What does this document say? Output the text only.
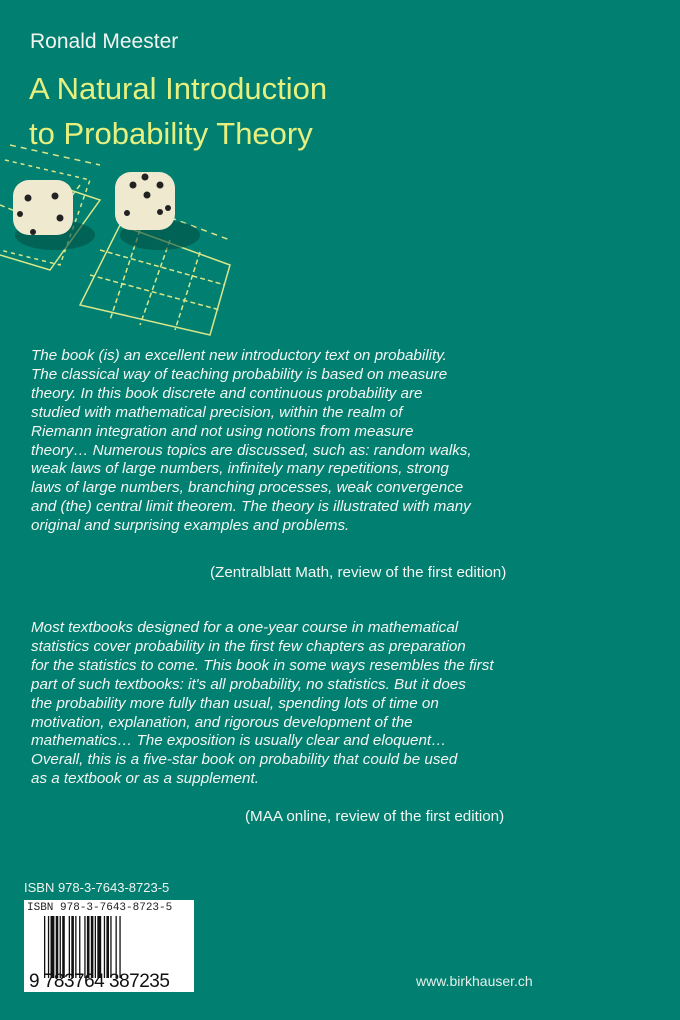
Ronald Meester
A Natural Introduction
to Probability Theory
The book (is) an excellent new introductory text on probability.
The classical way of teaching probability is based on measure
theory. In this book discrete and continuous probability are
studied with mathematical precision, within the realm of
Riemann integration and not using notions from measure
theory… Numerous topics are discussed, such as: random walks,
weak laws of large numbers, infinitely many repetitions, strong
laws of large numbers, branching processes, weak convergence
and (the) central limit theorem. The theory is illustrated with many
original and surprising examples and problems.
(Zentralblatt Math, review of the first edition)
Most textbooks designed for a one-year course in mathematical
statistics cover probability in the first few chapters as preparation
for the statistics to come. This book in some ways resembles the first
part of such textbooks: it's all probability, no statistics. But it does
the probability more fully than usual, spending lots of time on
motivation, explanation, and rigorous development of the
mathematics… The exposition is usually clear and eloquent…
Overall, this is a five-star book on probability that could be used
as a textbook or as a supplement.
(MAA online, review of the first edition)
ISBN 978-3-7643-8723-5
ISBN 978-3-7643-8723-5
9 783764 387235	www.birkhauser.ch
